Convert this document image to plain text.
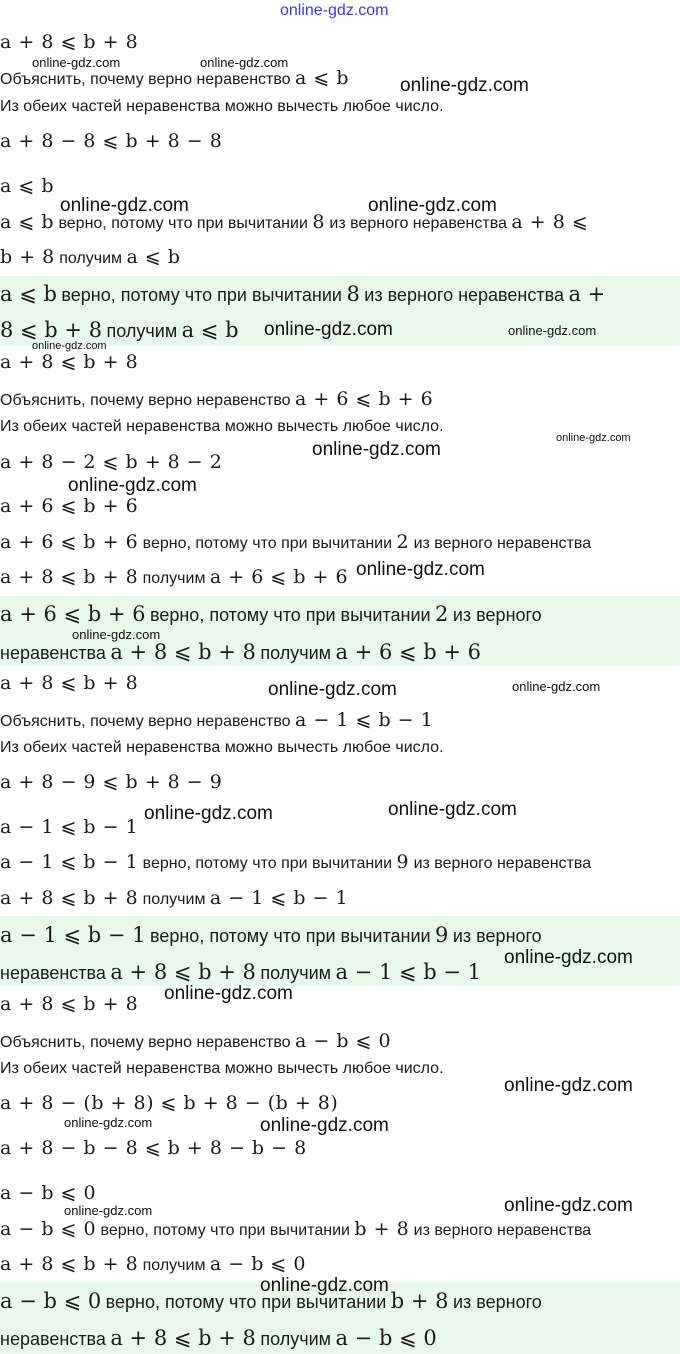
online-gdz.com
a + 8 ⩽ b + 8
Объяснить, почему верно неравенство a ⩽ b
Из обеих частей неравенства можно вычесть любое число.
a + 8 − 8 ⩽ b + 8 − 8
a ⩽ b
a ⩽ b верно, потому что при вычитании 8 из верного неравенства a + 8 ⩽
b + 8 получим a ⩽ b
a ⩽ b верно, потому что при вычитании 8 из верного неравенства a +
8 ⩽ b + 8 получим a ⩽ b
a + 8 ⩽ b + 8
Объяснить, почему верно неравенство a + 6 ⩽ b + 6
Из обеих частей неравенства можно вычесть любое число.
a + 8 − 2 ⩽ b + 8 − 2
a + 6 ⩽ b + 6
a + 6 ⩽ b + 6 верно, потому что при вычитании 2 из верного неравенства
a + 8 ⩽ b + 8 получим a + 6 ⩽ b + 6
a + 6 ⩽ b + 6 верно, потому что при вычитании 2 из верного
неравенства a + 8 ⩽ b + 8 получим a + 6 ⩽ b + 6
a + 8 ⩽ b + 8
Объяснить, почему верно неравенство a − 1 ⩽ b − 1
Из обеих частей неравенства можно вычесть любое число.
a + 8 − 9 ⩽ b + 8 − 9
a − 1 ⩽ b − 1
a − 1 ⩽ b − 1 верно, потому что при вычитании 9 из верного неравенства
a + 8 ⩽ b + 8 получим a − 1 ⩽ b − 1
a − 1 ⩽ b − 1 верно, потому что при вычитании 9 из верного
неравенства a + 8 ⩽ b + 8 получим a − 1 ⩽ b − 1
a + 8 ⩽ b + 8
Объяснить, почему верно неравенство a − b ⩽ 0
Из обеих частей неравенства можно вычесть любое число.
a + 8 − (b + 8) ⩽ b + 8 − (b + 8)
a + 8 − b − 8 ⩽ b + 8 − b − 8
a − b ⩽ 0
a − b ⩽ 0 верно, потому что при вычитании b + 8 из верного неравенства
a + 8 ⩽ b + 8 получим a − b ⩽ 0
a − b ⩽ 0 верно, потому что при вычитании b + 8 из верного
неравенства a + 8 ⩽ b + 8 получим a − b ⩽ 0
online-gdz.com	online-gdz.com
online-gdz.com
online-gdz.com	online-gdz.com
online-gdz.com	online-gdz.com
online-gdz.com
online-gdz.com
online-gdz.com
online-gdz.com
online-gdz.com
online-gdz.com
online-gdz.com	online-gdz.com
online-gdz.com
online-gdz.com
online-gdz.com
online-gdz.com
online-gdz.com
online-gdz.com	online-gdz.com
online-gdz.com
online-gdz.com
online-gdz.com
